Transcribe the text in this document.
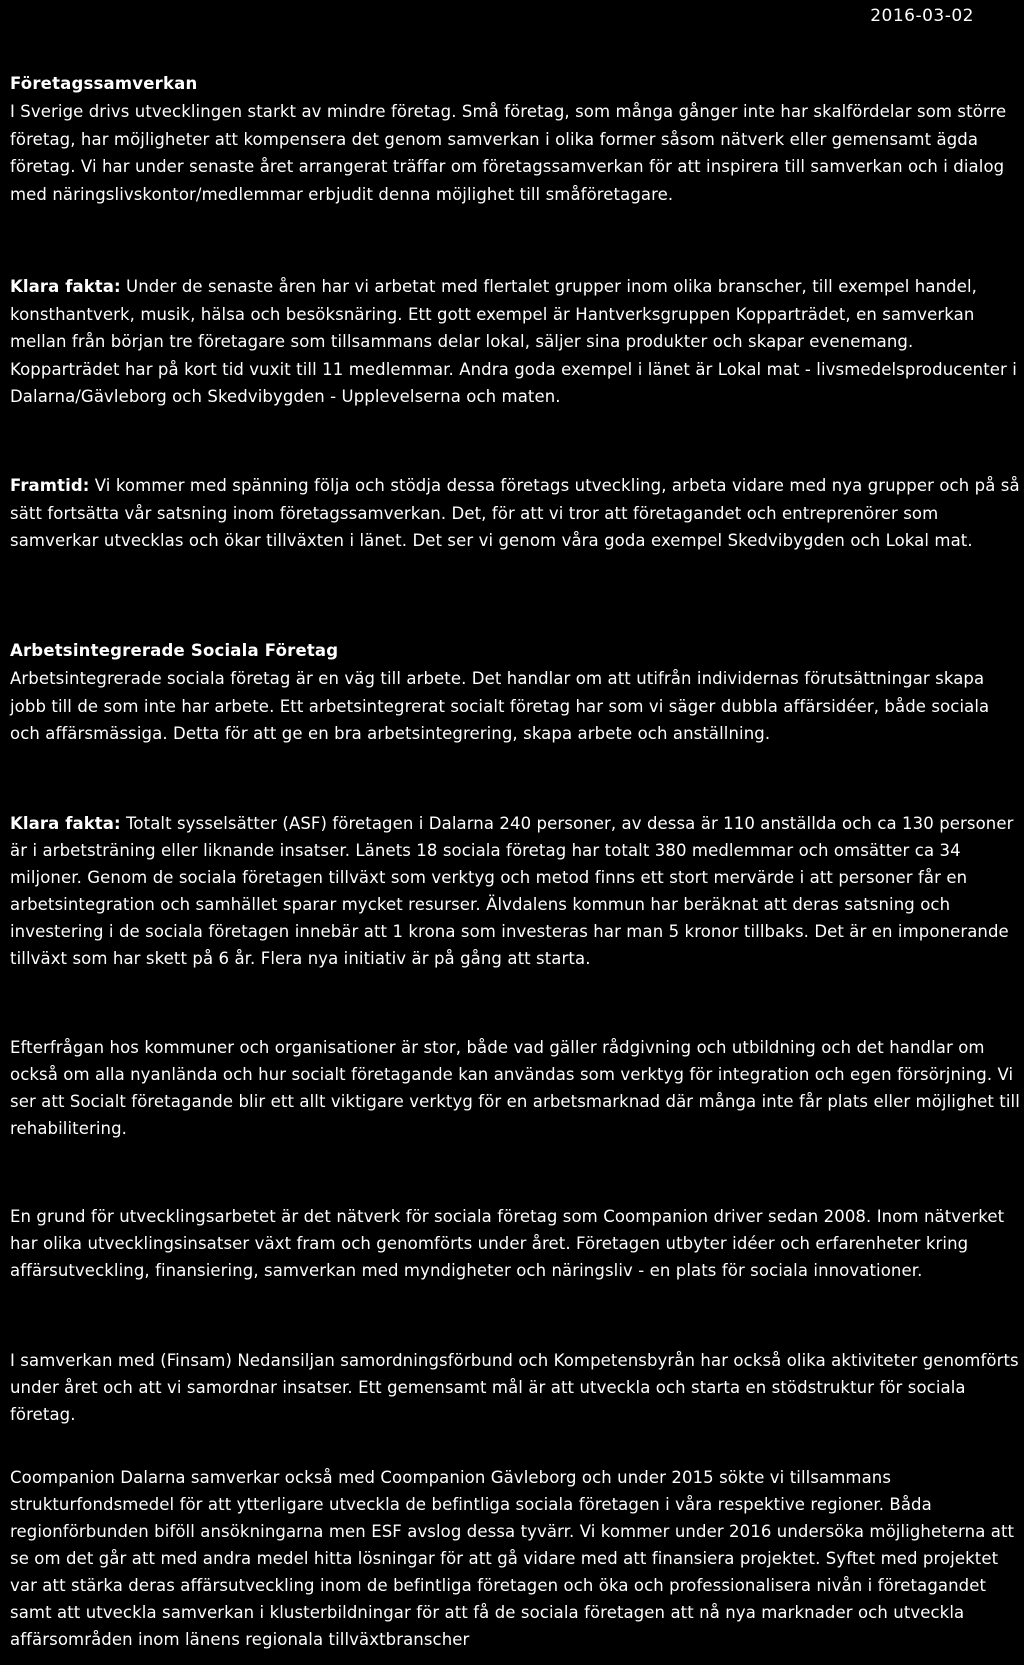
2016-03-02
Företagssamverkan

I Sverige drivs utvecklingen starkt av mindre företag. Små företag, som många gånger inte har skalfördelar som större företag, har möjligheter att kompensera det genom samverkan i olika former såsom nätverk eller gemensamt ägda företag. Vi har under senaste året arrangerat träffar om företagssamverkan för att inspirera till samverkan och i dialog med näringslivskontor/medlemmar erbjudit denna möjlighet till småföretagare.

Klara fakta: Under de senaste åren har vi arbetat med flertalet grupper inom olika branscher, till exempel handel, konsthantverk, musik, hälsa och besöksnäring. Ett gott exempel är Hantverksgruppen Kopparträdet, en samverkan mellan från början tre företagare som tillsammans delar lokal, säljer sina produkter och skapar evenemang. Kopparträdet har på kort tid vuxit till 11 medlemmar. Andra goda exempel i länet är Lokal mat - livsmedelsproducenter i Dalarna/Gävleborg och Skedvibygden - Upplevelserna och maten.

Framtid: Vi kommer med spänning följa och stödja dessa företags utveckling, arbeta vidare med nya grupper och på så sätt fortsätta vår satsning inom företagssamverkan. Det, för att vi tror att företagandet och entreprenörer som samverkar utvecklas och ökar tillväxten i länet. Det ser vi genom våra goda exempel Skedvibygden och Lokal mat.

Arbetsintegrerade Sociala Företag

Arbetsintegrerade sociala företag är en väg till arbete. Det handlar om att utifrån individernas förutsättningar skapa jobb till de som inte har arbete. Ett arbetsintegrerat socialt företag har som vi säger dubbla affärsidéer, både sociala och affärsmässiga. Detta för att ge en bra arbetsintegrering, skapa arbete och anställning.

Klara fakta: Totalt sysselsätter (ASF) företagen i Dalarna 240 personer, av dessa är 110 anställda och ca 130 personer är i arbetsträning eller liknande insatser. Länets 18 sociala företag har totalt 380 medlemmar och omsätter ca 34 miljoner. Genom de sociala företagen tillväxt som verktyg och metod finns ett stort mervärde i att personer får en arbetsintegration och samhället sparar mycket resurser. Älvdalens kommun har beräknat att deras satsning och investering i de sociala företagen innebär att 1 krona som investeras har man 5 kronor tillbaks. Det är en imponerande tillväxt som har skett på 6 år. Flera nya initiativ är på gång att starta.

Efterfrågan hos kommuner och organisationer är stor, både vad gäller rådgivning och utbildning och det handlar om också om alla nyanlända och hur socialt företagande kan användas som verktyg för integration och egen försörjning. Vi ser att Socialt företagande blir ett allt viktigare verktyg för en arbetsmarknad där många inte får plats eller möjlighet till rehabilitering.

En grund för utvecklingsarbetet är det nätverk för sociala företag som Coompanion driver sedan 2008. Inom nätverket har olika utvecklingsinsatser växt fram och genomförts under året. Företagen utbyter idéer och erfarenheter kring affärsutveckling, finansiering, samverkan med myndigheter och näringsliv - en plats för sociala innovationer.

I samverkan med (Finsam) Nedansiljan samordningsförbund och Kompetensbyrån har också olika aktiviteter genomförts under året och att vi samordnar insatser. Ett gemensamt mål är att utveckla och starta en stödstruktur för sociala företag.

Coompanion Dalarna samverkar också med Coompanion Gävleborg och under 2015 sökte vi tillsammans strukturfondsmedel för att ytterligare utveckla de befintliga sociala företagen i våra respektive regioner. Båda regionförbunden biföll ansökningarna men ESF avslog dessa tyvärr. Vi kommer under 2016 undersöka möjligheterna att se om det går att med andra medel hitta lösningar för att gå vidare med att finansiera projektet. Syftet med projektet var att stärka deras affärsutveckling inom de befintliga företagen och öka och professionalisera nivån i företagandet samt att utveckla samverkan i klusterbildningar för att få de sociala företagen att nå nya marknader och utveckla affärsområden inom länens regionala tillväxtbranscher
